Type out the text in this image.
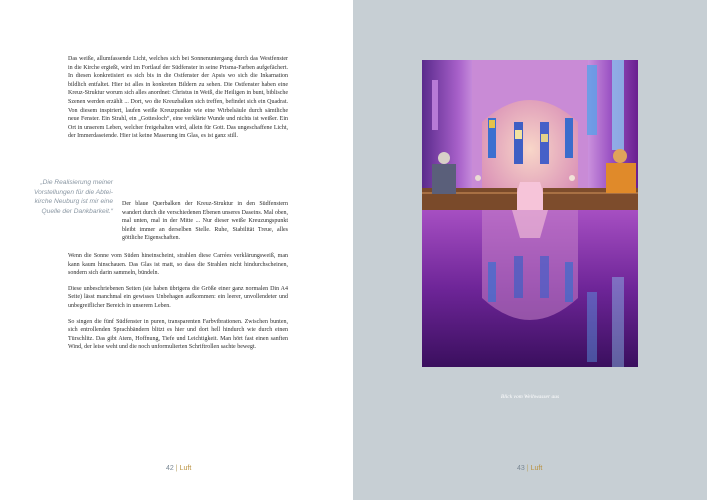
Das weiße, allumfassende Licht, welches sich bei Sonnenuntergang durch das Westfenster in die Kirche ergießt, wird im Fortlauf der Südfenster in seine Prisma-Farben aufgefächert. In diesen konkretisiert es sich bis in die Ostfenster der Apsis wo sich die Inkarnation bildlich entfaltet. Hier ist alles in konkreten Bildern zu sehen. Die Ostfenster haben eine Kreuz-Struktur worum sich alles anordnet: Christus in Weiß, die Heiligen in bunt, biblische Szenen werden erzählt ... Dort, wo die Kreuzbalken sich treffen, befindet sich ein Quadrat. Von diesem inspiriert, laufen weiße Kreuzpunkte wie eine Wirbelsäule durch sämtliche neue Fenster. Ein Strahl, ein „Gottesloch“, eine verklärte Wunde und nichts ist weißer. Ein Ort in unserem Leben, welcher freigehalten wird, allein für Gott. Das ungeschaffene Licht, der Immerdaseiende. Hier ist keine Maserung im Glas, es ist ganz still.

Der blaue Querbalken der Kreuz-Struktur in den Südfenstern wandert durch die verschiedenen Ebenen unseres Daseins. Mal oben, mal unten, mal in der Mitte ... Nur dieser weiße Kreuzungspunkt bleibt immer an derselben Stelle. Ruhe, Stabilität Treue, alles göttliche Eigenschaften.

Wenn die Sonne vom Süden hineinscheint, strahlen diese Carrées verklärungsweiß, man kann kaum hinschauen. Das Glas ist matt, so dass die Strahlen nicht hindurchscheinen, sondern sich darin sammeln, bündeln.

Diese unbeschriebenen Seiten (sie haben übrigens die Größe einer ganz normalen Din A4 Seite) lässt manchmal ein gewisses Unbehagen aufkommen: ein leerer, unvollendeter und unbegreiflicher Bereich in unserem Leben.

So singen die fünf Südfenster in puren, transparenten Farbvibrationen. Zwischen bunten, sich entrollenden Sprachbändern blitzt es hier und dort hell hindurch wie durch einen Türschlitz. Das gibt Atem, Hoffnung, Tiefe und Leichtigkeit. Man hört fast einen sanften Wind, der leise weht und die noch unformulierten Schriftrollen sachte bewegt.

„Die Realisierung meiner
Vorstellungen für die Abtei-
kirche Neuburg ist mir eine
Quelle der Dankbarkeit.“
42 | Luft
Blick vom Weihwasser aus
43 | Luft
